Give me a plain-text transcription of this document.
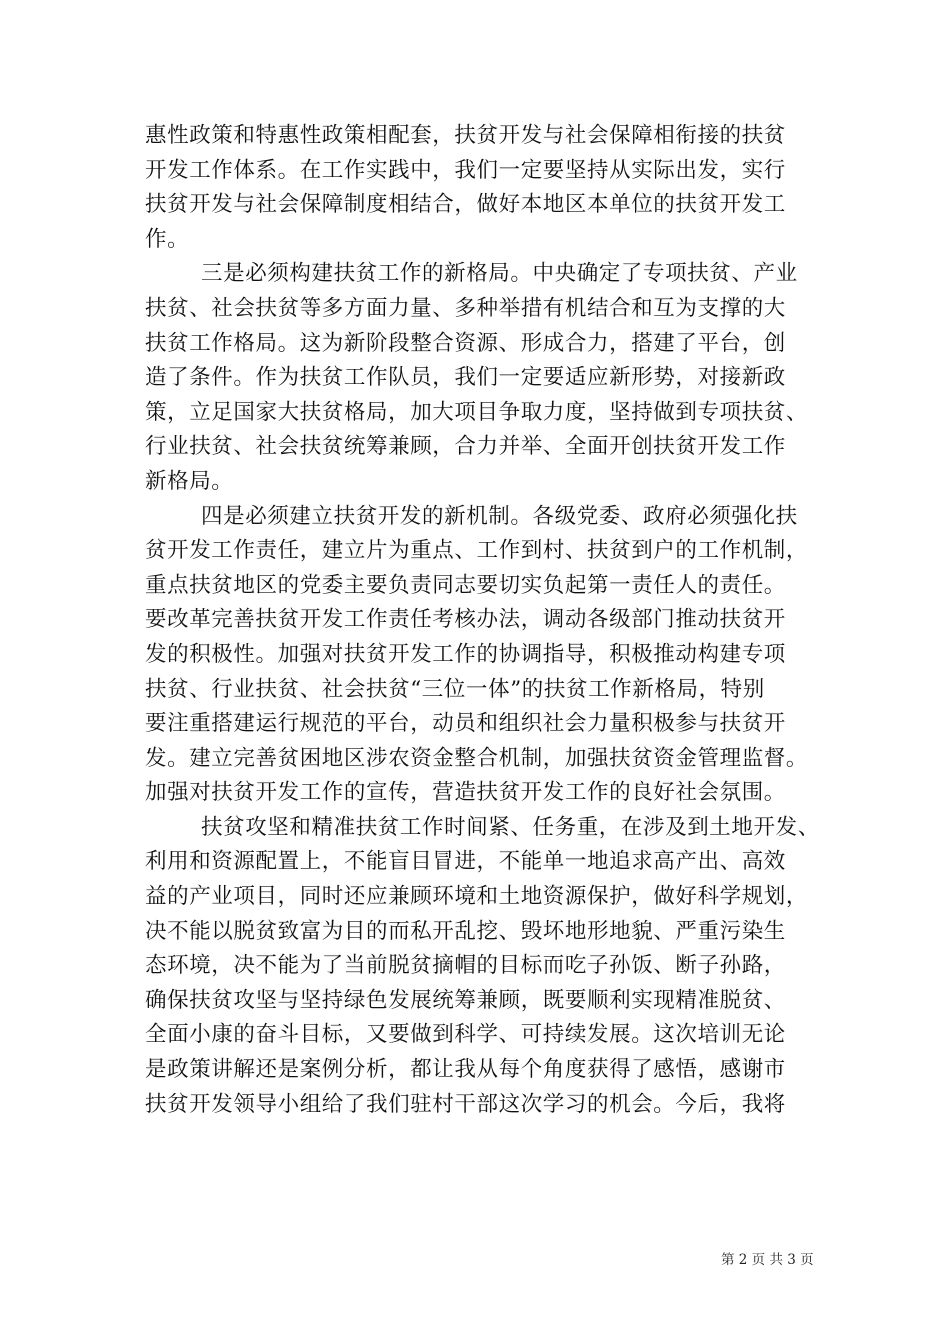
惠性政策和特惠性政策相配套，扶贫开发与社会保障相衔接的扶贫
开发工作体系。在工作实践中，我们一定要坚持从实际出发，实行
扶贫开发与社会保障制度相结合，做好本地区本单位的扶贫开发工
作。
三是必须构建扶贫工作的新格局。中央确定了专项扶贫、产业
扶贫、社会扶贫等多方面力量、多种举措有机结合和互为支撑的大
扶贫工作格局。这为新阶段整合资源、形成合力，搭建了平台，创
造了条件。作为扶贫工作队员，我们一定要适应新形势，对接新政
策，立足国家大扶贫格局，加大项目争取力度，坚持做到专项扶贫、
行业扶贫、社会扶贫统筹兼顾，合力并举、全面开创扶贫开发工作
新格局。
四是必须建立扶贫开发的新机制。各级党委、政府必须强化扶
贫开发工作责任，建立片为重点、工作到村、扶贫到户的工作机制，
重点扶贫地区的党委主要负责同志要切实负起第一责任人的责任。
要改革完善扶贫开发工作责任考核办法，调动各级部门推动扶贫开
发的积极性。加强对扶贫开发工作的协调指导，积极推动构建专项
扶贫、行业扶贫、社会扶贫“三位一体”的扶贫工作新格局，特别
要注重搭建运行规范的平台，动员和组织社会力量积极参与扶贫开
发。建立完善贫困地区涉农资金整合机制，加强扶贫资金管理监督。
加强对扶贫开发工作的宣传，营造扶贫开发工作的良好社会氛围。
扶贫攻坚和精准扶贫工作时间紧、任务重，在涉及到土地开发、
利用和资源配置上，不能盲目冒进，不能单一地追求高产出、高效
益的产业项目，同时还应兼顾环境和土地资源保护，做好科学规划，
决不能以脱贫致富为目的而私开乱挖、毁坏地形地貌、严重污染生
态环境，决不能为了当前脱贫摘帽的目标而吃子孙饭、断子孙路，
确保扶贫攻坚与坚持绿色发展统筹兼顾，既要顺利实现精准脱贫、
全面小康的奋斗目标，又要做到科学、可持续发展。这次培训无论
是政策讲解还是案例分析，都让我从每个角度获得了感悟，感谢市
扶贫开发领导小组给了我们驻村干部这次学习的机会。今后，我将
第 2 页 共 3 页
